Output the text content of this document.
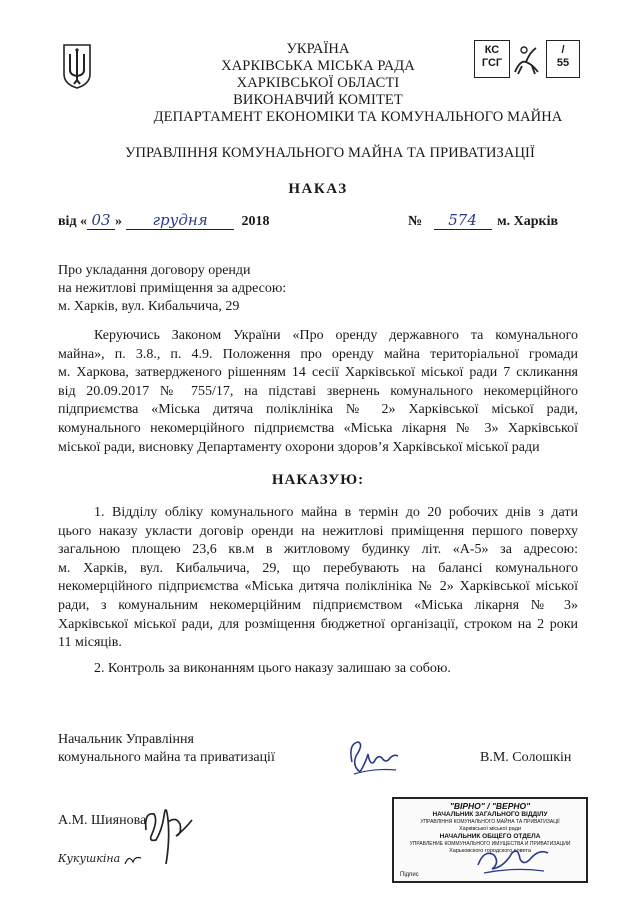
УКРАЇНА
ХАРКІВСЬКА МІСЬКА РАДА
ХАРКІВСЬКОЇ ОБЛАСТІ
ВИКОНАВЧИЙ КОМІТЕТ
ДЕПАРТАМЕНТ ЕКОНОМІКИ ТА КОМУНАЛЬНОГО МАЙНА
УПРАВЛІННЯ КОМУНАЛЬНОГО МАЙНА ТА ПРИВАТИЗАЦІЇ
КС
ГСГ
/
55
НАКАЗ
від « 03 » грудня 2018	№ 574 м. Харків
Про укладання договору оренди
на нежитлові приміщення за адресою:
м. Харків, вул. Кибальчича, 29
Керуючись Законом України «Про оренду державного та комунального
майна», п. 3.8., п. 4.9. Положення про оренду майна територіальної громади
м. Харкова, затвердженого рішенням 14 сесії Харківської міської ради 7 скликання
від 20.09.2017 № 755/17, на підставі звернень комунального некомерційного
підприємства «Міська дитяча поліклініка № 2» Харківської міської ради,
комунального некомерційного підприємства «Міська лікарня № 3» Харківської
міської ради, висновку Департаменту охорони здоров’я Харківської міської ради
НАКАЗУЮ:
1. Відділу обліку комунального майна в термін до 20 робочих днів з дати
цього наказу укласти договір оренди на нежитлові приміщення першого поверху
загальною площею 23,6 кв.м в житловому будинку літ. «А-5» за адресою:
м. Харків, вул. Кибальчича, 29, що перебувають на балансі комунального
некомерційного підприємства «Міська дитяча поліклініка № 2» Харківської міської
ради, з комунальним некомерційним підприємством «Міська лікарня № 3»
Харківської міської ради, для розміщення бюджетної організації, строком на 2 роки
11 місяців.
2. Контроль за виконанням цього наказу залишаю за собою.
Начальник Управління
комунального майна та приватизації	В.М. Солошкін
А.М. Шиянова
Кукушкіна
"ВІРНО" / "ВЕРНО"
НАЧАЛЬНИК ЗАГАЛЬНОГО ВІДДІЛУ
УПРАВЛІННЯ КОМУНАЛЬНОГО МАЙНА ТА ПРИВАТИЗАЦІЇ
Харківської міської ради
НАЧАЛЬНИК ОБЩЕГО ОТДЕЛА
УПРАВЛЕНИЕ КОММУНАЛЬНОГО ИМУЩЕСТВА И ПРИВАТИЗАЦИИ
Харьковского городского совета
Підпис
